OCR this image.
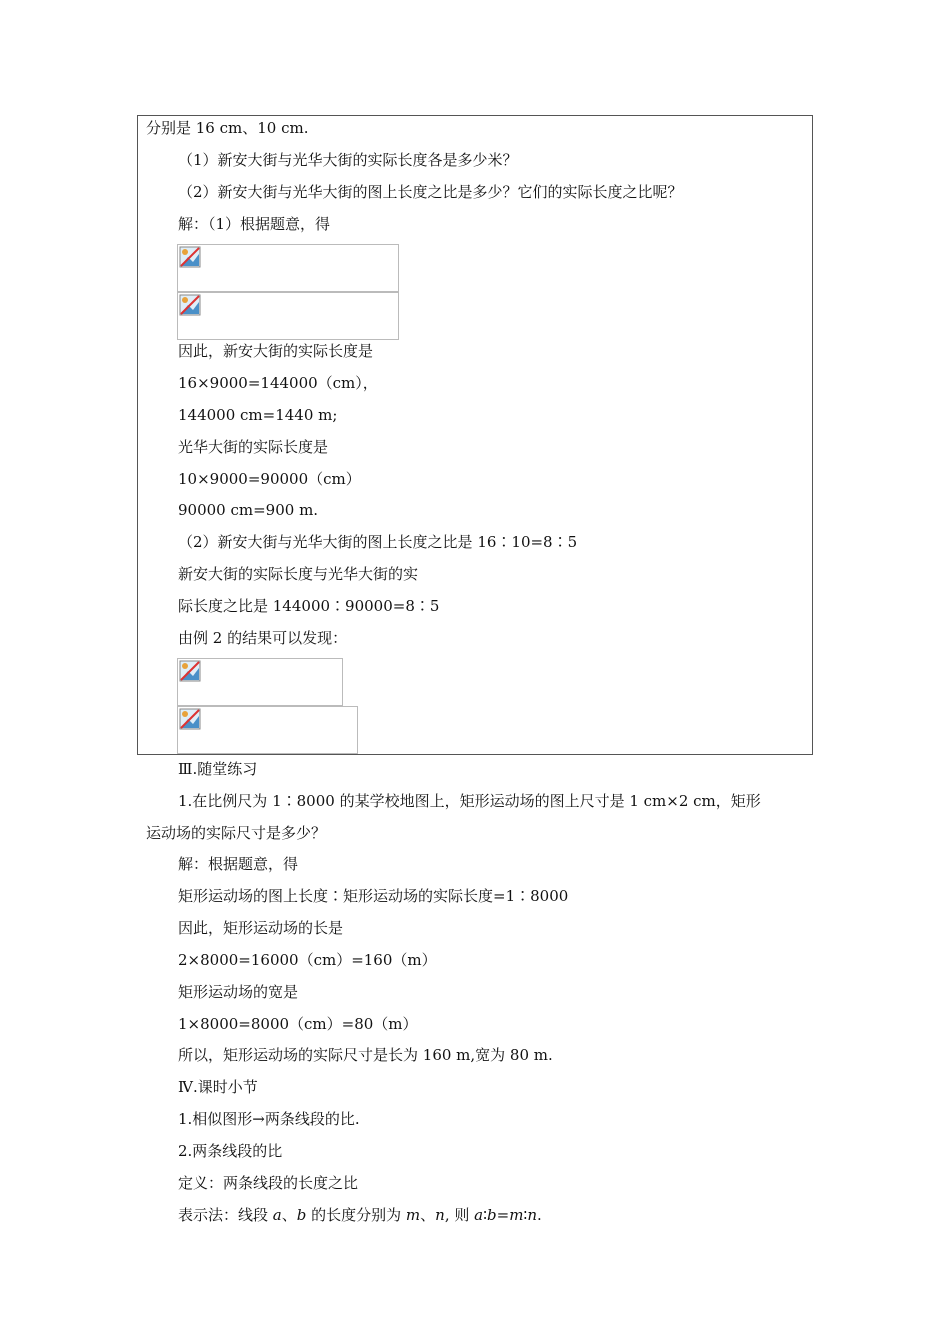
分别是 16 cm、10 cm.
（1）新安大街与光华大街的实际长度各是多少米？
（2）新安大街与光华大街的图上长度之比是多少？它们的实际长度之比呢？
解：（1）根据题意，得
因此，新安大街的实际长度是
16×9000=144000（cm），
144000 cm=1440 m;
光华大街的实际长度是
10×9000=90000（cm）
90000 cm=900 m.
（2）新安大街与光华大街的图上长度之比是 16∶10=8∶5
新安大街的实际长度与光华大街的实
际长度之比是 144000∶90000=8∶5
由例 2 的结果可以发现：
Ⅲ.随堂练习
1.在比例尺为 1∶8000 的某学校地图上，矩形运动场的图上尺寸是 1 cm×2 cm，矩形
运动场的实际尺寸是多少？
解：根据题意，得
矩形运动场的图上长度∶矩形运动场的实际长度=1∶8000
因此，矩形运动场的长是
2×8000=16000（cm）=160（m）
矩形运动场的宽是
1×8000=8000（cm）=80（m）
所以，矩形运动场的实际尺寸是长为 160 m,宽为 80 m.
Ⅳ.课时小节
1.相似图形→两条线段的比.
2.两条线段的比
定义：两条线段的长度之比
表示法：线段 a、b 的长度分别为 m、n, 则 a∶b=m∶n.
